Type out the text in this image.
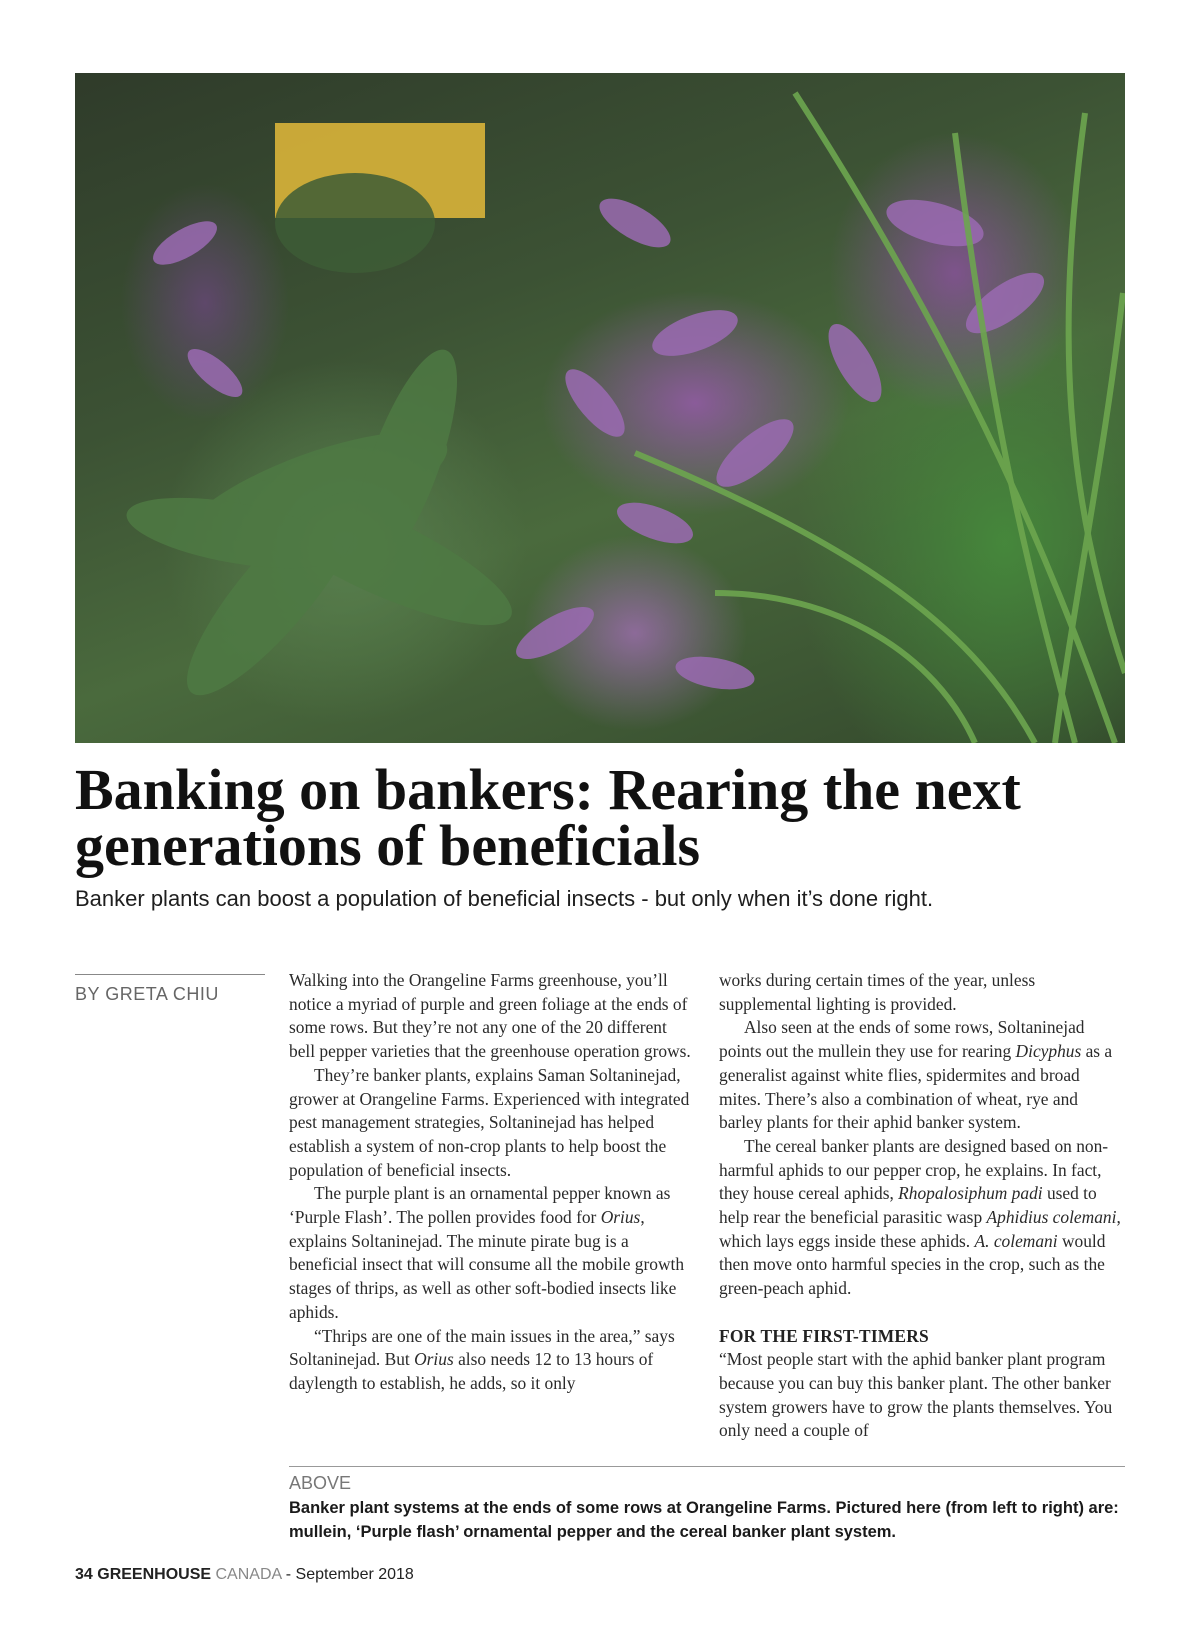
Banking on bankers: Rearing the next generations of beneficials

Banker plants can boost a population of beneficial insects - but only when it’s done right.

BY GRETA CHIU

Walking into the Orangeline Farms greenhouse, you’ll notice a myriad of purple and green foliage at the ends of some rows. But they’re not any one of the 20 different bell pepper varieties that the greenhouse operation grows.

They’re banker plants, explains Saman Soltaninejad, grower at Orangeline Farms. Experienced with integrated pest management strategies, Soltaninejad has helped establish a system of non-crop plants to help boost the population of beneficial insects.

The purple plant is an ornamental pepper known as ‘Purple Flash’. The pollen provides food for Orius, explains Soltaninejad. The minute pirate bug is a beneficial insect that will consume all the mobile growth stages of thrips, as well as other soft-bodied insects like aphids.

“Thrips are one of the main issues in the area,” says Soltaninejad. But Orius also needs 12 to 13 hours of daylength to establish, he adds, so it only

works during certain times of the year, unless supplemental lighting is provided.

Also seen at the ends of some rows, Soltaninejad points out the mullein they use for rearing Dicyphus as a generalist against white flies, spidermites and broad mites. There’s also a combination of wheat, rye and barley plants for their aphid banker system.

The cereal banker plants are designed based on non-harmful aphids to our pepper crop, he explains. In fact, they house cereal aphids, Rhopalosiphum padi used to help rear the beneficial parasitic wasp Aphidius colemani, which lays eggs inside these aphids. A. colemani would then move onto harmful species in the crop, such as the green-peach aphid.

FOR THE FIRST-TIMERS

“Most people start with the aphid banker plant program because you can buy this banker plant. The other banker system growers have to grow the plants themselves. You only need a couple of

ABOVE

Banker plant systems at the ends of some rows at Orangeline Farms. Pictured here (from left to right) are: mullein, ‘Purple flash’ ornamental pepper and the cereal banker plant system.

34 GREENHOUSE CANADA - September 2018
